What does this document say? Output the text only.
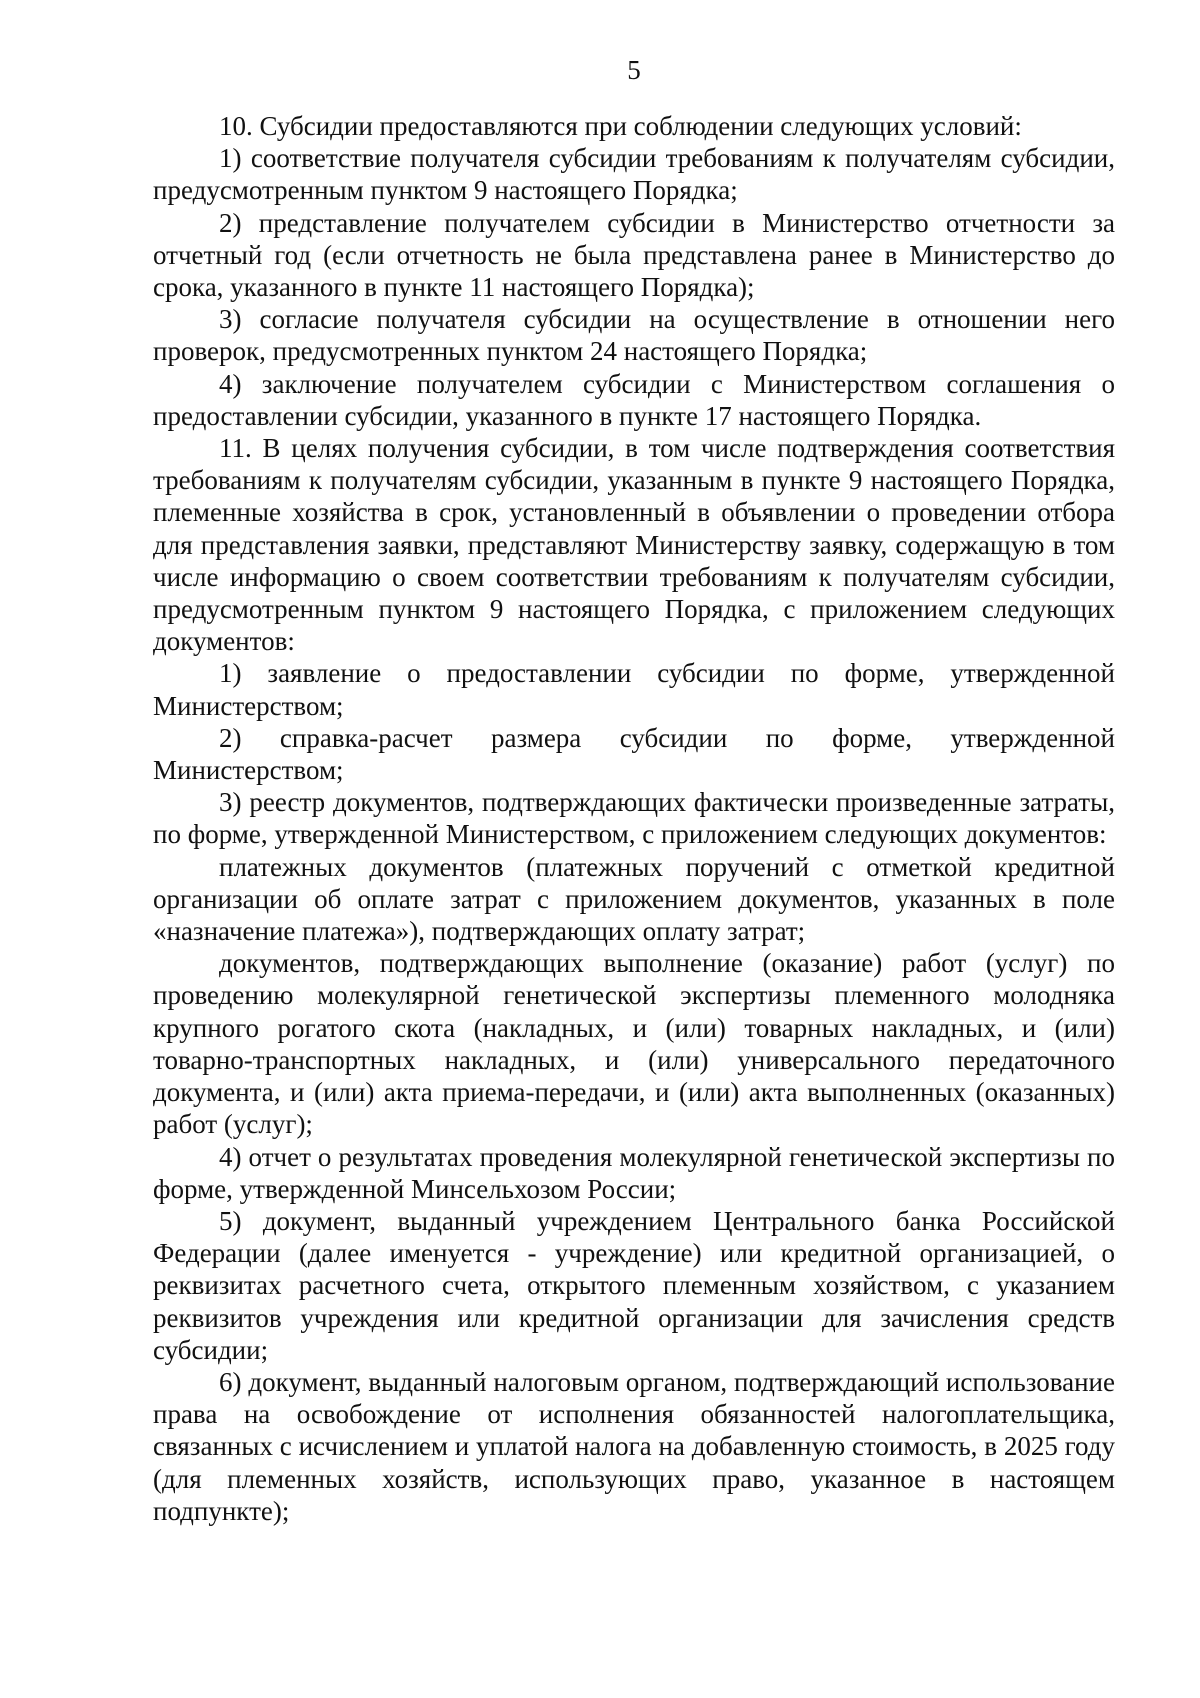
5

10. Субсидии предоставляются при соблюдении следующих условий:

1) соответствие получателя субсидии требованиям к получателям субсидии, предусмотренным пунктом 9 настоящего Порядка;

2) представление получателем субсидии в Министерство отчетности за отчетный год (если отчетность не была представлена ранее в Министерство до срока, указанного в пункте 11 настоящего Порядка);

3) согласие получателя субсидии на осуществление в отношении него проверок, предусмотренных пунктом 24 настоящего Порядка;

4) заключение получателем субсидии с Министерством соглашения о предоставлении субсидии, указанного в пункте 17 настоящего Порядка.

11. В целях получения субсидии, в том числе подтверждения соответствия требованиям к получателям субсидии, указанным в пункте 9 настоящего Порядка, племенные хозяйства в срок, установленный в объявлении о проведении отбора для представления заявки, представляют Министерству заявку, содержащую в том числе информацию о своем соответствии требованиям к получателям субсидии, предусмотренным пунктом 9 настоящего Порядка, с приложением следующих документов:

1) заявление о предоставлении субсидии по форме, утвержденной Министерством;

2) справка-расчет размера субсидии по форме, утвержденной Министерством;

3) реестр документов, подтверждающих фактически произведенные затраты, по форме, утвержденной Министерством, с приложением следующих документов:

платежных документов (платежных поручений с отметкой кредитной организации об оплате затрат с приложением документов, указанных в поле «назначение платежа»), подтверждающих оплату затрат;

документов, подтверждающих выполнение (оказание) работ (услуг) по проведению молекулярной генетической экспертизы племенного молодняка крупного рогатого скота (накладных, и (или) товарных накладных, и (или) товарно-транспортных накладных, и (или) универсального передаточного документа, и (или) акта приема-передачи, и (или) акта выполненных (оказанных) работ (услуг);

4) отчет о результатах проведения молекулярной генетической экспертизы по форме, утвержденной Минсельхозом России;

5) документ, выданный учреждением Центрального банка Российской Федерации (далее именуется - учреждение) или кредитной организацией, о реквизитах расчетного счета, открытого племенным хозяйством, с указанием реквизитов учреждения или кредитной организации для зачисления средств субсидии;

6) документ, выданный налоговым органом, подтверждающий использование права на освобождение от исполнения обязанностей налогоплательщика, связанных с исчислением и уплатой налога на добавленную стоимость, в 2025 году (для племенных хозяйств, использующих право, указанное в настоящем подпункте);
